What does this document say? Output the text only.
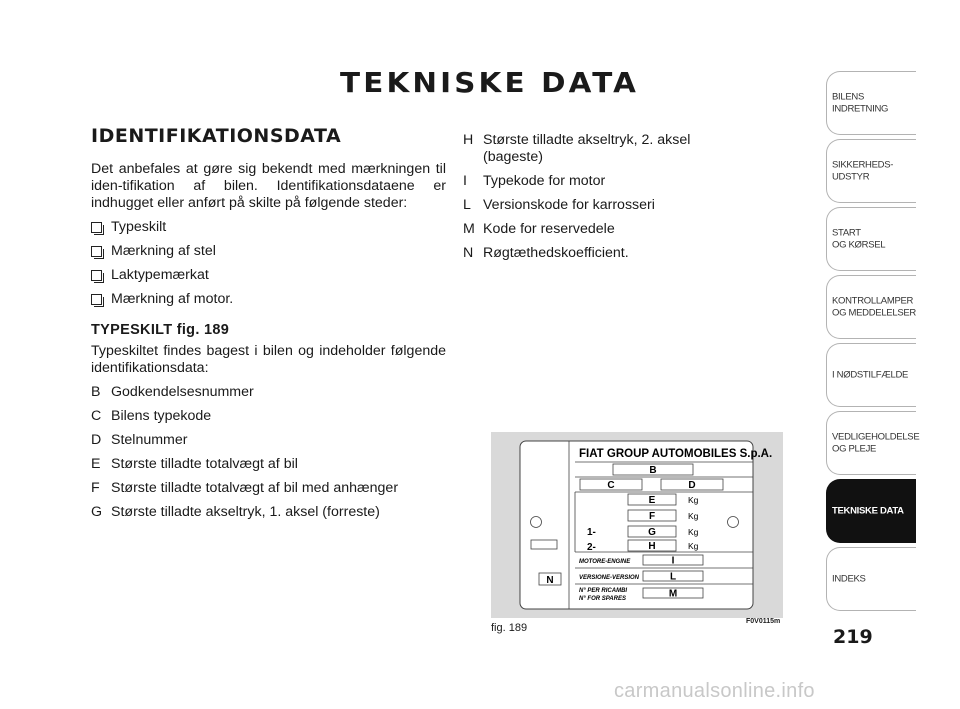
TEKNISKE DATA
IDENTIFIKATIONSDATA
Det anbefales at gøre sig bekendt med mærkningen til iden-tifikation af bilen. Identifikationsdataene er indhugget eller anført på skilte på følgende steder:
Typeskilt
Mærkning af stel
Laktypemærkat
Mærkning af motor.
TYPESKILT fig. 189
Typeskiltet findes bagest i bilen og indeholder følgende identifikationsdata:
B Godkendelsesnummer
C Bilens typekode
D Stelnummer
E Største tilladte totalvægt af bil
F Største tilladte totalvægt af bil med anhænger
G Største tilladte akseltryk, 1. aksel (forreste)
H Største tilladte akseltryk, 2. aksel (bageste)
I	Typekode for motor
L Versionskode for karrosseri
M Kode for reservedele
N Røgtæthedskoefficient.
N
FIAT GROUP AUTOMOBILES S.p.A.
B
C	D
E	Kg
F	Kg
1-	G	Kg
2-	H	Kg
MOTORE-ENGINE	I
VERSIONE-VERSION	L
N° PER RICAMBI
N° FOR SPARES	M
fig. 189
F0V0115m
BILENS
INDRETNING
SIKKERHEDS-
UDSTYR
START
OG KØRSEL
KONTROLLAMPER
OG MEDDELELSER
I NØDSTILFÆLDE
VEDLIGEHOLDELSE
OG PLEJE
TEKNISKE DATA
INDEKS
219
carmanualsonline.info
